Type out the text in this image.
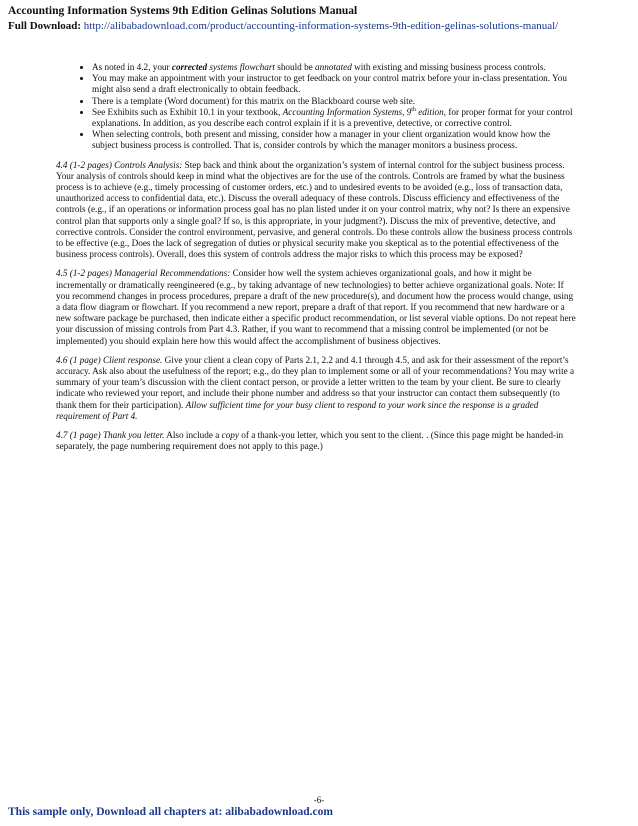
Accounting Information Systems 9th Edition Gelinas Solutions Manual
Full Download: http://alibabadownload.com/product/accounting-information-systems-9th-edition-gelinas-solutions-manual/
• As noted in 4.2, your corrected systems flowchart should be annotated with existing and missing business process controls.
• You may make an appointment with your instructor to get feedback on your control matrix before your in-class presentation. You might also send a draft electronically to obtain feedback.
• There is a template (Word document) for this matrix on the Blackboard course web site.
• See Exhibits such as Exhibit 10.1 in your textbook, Accounting Information Systems, 9th edition, for proper format for your control explanations. In addition, as you describe each control explain if it is a preventive, detective, or corrective control.
• When selecting controls, both present and missing, consider how a manager in your client organization would know how the subject business process is controlled. That is, consider controls by which the manager monitors a business process.

4.4 (1-2 pages) Controls Analysis: Step back and think about the organization’s system of internal control for the subject business process. Your analysis of controls should keep in mind what the objectives are for the use of the controls. Controls are framed by what the business process is to achieve (e.g., timely processing of customer orders, etc.) and to undesired events to be avoided (e.g., loss of transaction data, unauthorized access to confidential data, etc.). Discuss the overall adequacy of these controls. Discuss efficiency and effectiveness of the controls (e.g., if an operations or information process goal has no plan listed under it on your control matrix, why not? Is there an expensive control plan that supports only a single goal? If so, is this appropriate, in your judgment?). Discuss the mix of preventive, detective, and corrective controls. Consider the control environment, pervasive, and general controls. Do these controls allow the business process controls to be effective (e.g., Does the lack of segregation of duties or physical security make you skeptical as to the potential effectiveness of the business process controls). Overall, does this system of controls address the major risks to which this process may be exposed?

4.5 (1-2 pages) Managerial Recommendations: Consider how well the system achieves organizational goals, and how it might be incrementally or dramatically reengineered (e.g., by taking advantage of new technologies) to better achieve organizational goals. Note: If you recommend changes in process procedures, prepare a draft of the new procedure(s), and document how the process would change, using a data flow diagram or flowchart. If you recommend a new report, prepare a draft of that report. If you recommend that new hardware or a new software package be purchased, then indicate either a specific product recommendation, or list several viable options. Do not repeat here your discussion of missing controls from Part 4.3. Rather, if you want to recommend that a missing control be implemented (or not be implemented) you should explain here how this would affect the accomplishment of business objectives.

4.6 (1 page) Client response. Give your client a clean copy of Parts 2.1, 2.2 and 4.1 through 4.5, and ask for their assessment of the report’s accuracy. Ask also about the usefulness of the report; e.g., do they plan to implement some or all of your recommendations? You may write a summary of your team’s discussion with the client contact person, or provide a letter written to the team by your client. Be sure to clearly indicate who reviewed your report, and include their phone number and address so that your instructor can contact them subsequently (to thank them for their participation). Allow sufficient time for your busy client to respond to your work since the response is a graded requirement of Part 4.

4.7 (1 page) Thank you letter. Also include a copy of a thank-you letter, which you sent to the client. . (Since this page might be handed-in separately, the page numbering requirement does not apply to this page.)

-6-
This sample only, Download all chapters at: alibabadownload.com
